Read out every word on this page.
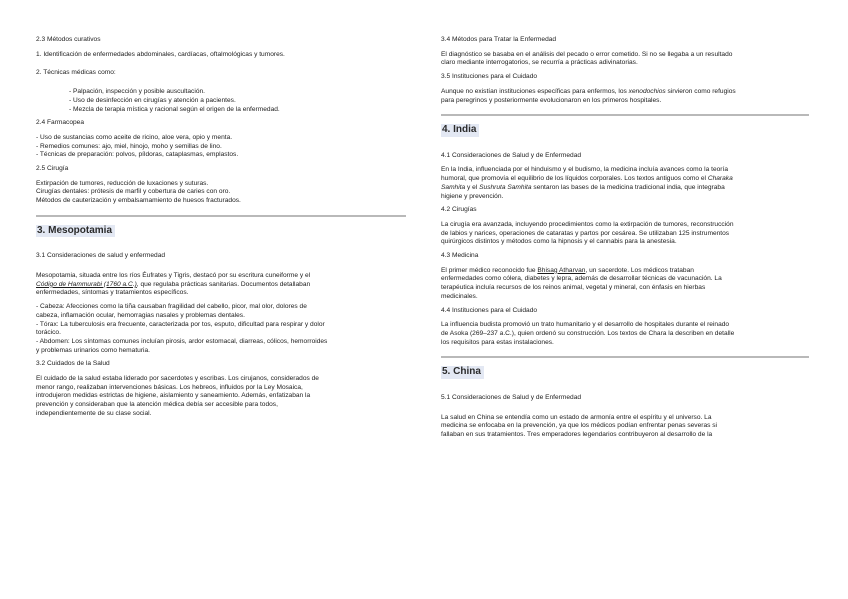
2.3 Métodos curativos

1. Identificación de enfermedades abdominales, cardíacas, oftalmológicas y tumores.

2. Técnicas médicas como:

- Palpación, inspección y posible auscultación.

- Uso de desinfección en cirugías y atención a pacientes.

- Mezcla de terapia mística y racional según el origen de la enfermedad.

2.4 Farmacopea

- Uso de sustancias como aceite de ricino, aloe vera, opio y menta.

- Remedios comunes: ajo, miel, hinojo, moho y semillas de lino.

- Técnicas de preparación: polvos, píldoras, cataplasmas, emplastos.

2.5 Cirugía

Extirpación de tumores, reducción de luxaciones y suturas.

Cirugías dentales: prótesis de marfil y cobertura de caries con oro.

Métodos de cauterización y embalsamamiento de huesos fracturados.

3. Mesopotamia
3.1 Consideraciones de salud y enfermedad

Mesopotamia, situada entre los ríos Éufrates y Tigris, destacó por su escritura cuneiforme y el

Código de Hammurabi (1760 a.C.), que regulaba prácticas sanitarias. Documentos detallaban

enfermedades, síntomas y tratamientos específicos.

- Cabeza: Afecciones como la tiña causaban fragilidad del cabello, picor, mal olor, dolores de

cabeza, inflamación ocular, hemorragias nasales y problemas dentales.

- Tórax: La tuberculosis era frecuente, caracterizada por tos, esputo, dificultad para respirar y dolor

torácico.

- Abdomen: Los síntomas comunes incluían pirosis, ardor estomacal, diarreas, cólicos, hemorroides

y problemas urinarios como hematuria.

3.2 Cuidados de la Salud

El cuidado de la salud estaba liderado por sacerdotes y escribas. Los cirujanos, considerados de

menor rango, realizaban intervenciones básicas. Los hebreos, influidos por la Ley Mosaica,

introdujeron medidas estrictas de higiene, aislamiento y saneamiento. Además, enfatizaban la

prevención y consideraban que la atención médica debía ser accesible para todos,

independientemente de su clase social.

3.4 Métodos para Tratar la Enfermedad

El diagnóstico se basaba en el análisis del pecado o error cometido. Si no se llegaba a un resultado

claro mediante interrogatorios, se recurría a prácticas adivinatorias.

3.5 Instituciones para el Cuidado

Aunque no existían instituciones específicas para enfermos, los xenodochios sirvieron como refugios

para peregrinos y posteriormente evolucionaron en los primeros hospitales.

4. India
4.1 Consideraciones de Salud y de Enfermedad

En la India, influenciada por el hinduismo y el budismo, la medicina incluía avances como la teoría

humoral, que promovía el equilibrio de los líquidos corporales. Los textos antiguos como el Charaka

Samhita y el Sushruta Samhita sentaron las bases de la medicina tradicional india, que integraba

higiene y prevención.

4.2 Cirugías

La cirugía era avanzada, incluyendo procedimientos como la extirpación de tumores, reconstrucción

de labios y narices, operaciones de cataratas y partos por cesárea. Se utilizaban 125 instrumentos

quirúrgicos distintos y métodos como la hipnosis y el cannabis para la anestesia.

4.3 Medicina

El primer médico reconocido fue Bhisag Atharvan, un sacerdote. Los médicos trataban

enfermedades como cólera, diabetes y lepra, además de desarrollar técnicas de vacunación. La

terapéutica incluía recursos de los reinos animal, vegetal y mineral, con énfasis en hierbas

medicinales.

4.4 Instituciones para el Cuidado

La influencia budista promovió un trato humanitario y el desarrollo de hospitales durante el reinado

de Asoka (269–237 a.C.), quien ordenó su construcción. Los textos de Chara la describen en detalle

los requisitos para estas instalaciones.

5. China
5.1 Consideraciones de Salud y de Enfermedad

La salud en China se entendía como un estado de armonía entre el espíritu y el universo. La

medicina se enfocaba en la prevención, ya que los médicos podían enfrentar penas severas si

fallaban en sus tratamientos. Tres emperadores legendarios contribuyeron al desarrollo de la
